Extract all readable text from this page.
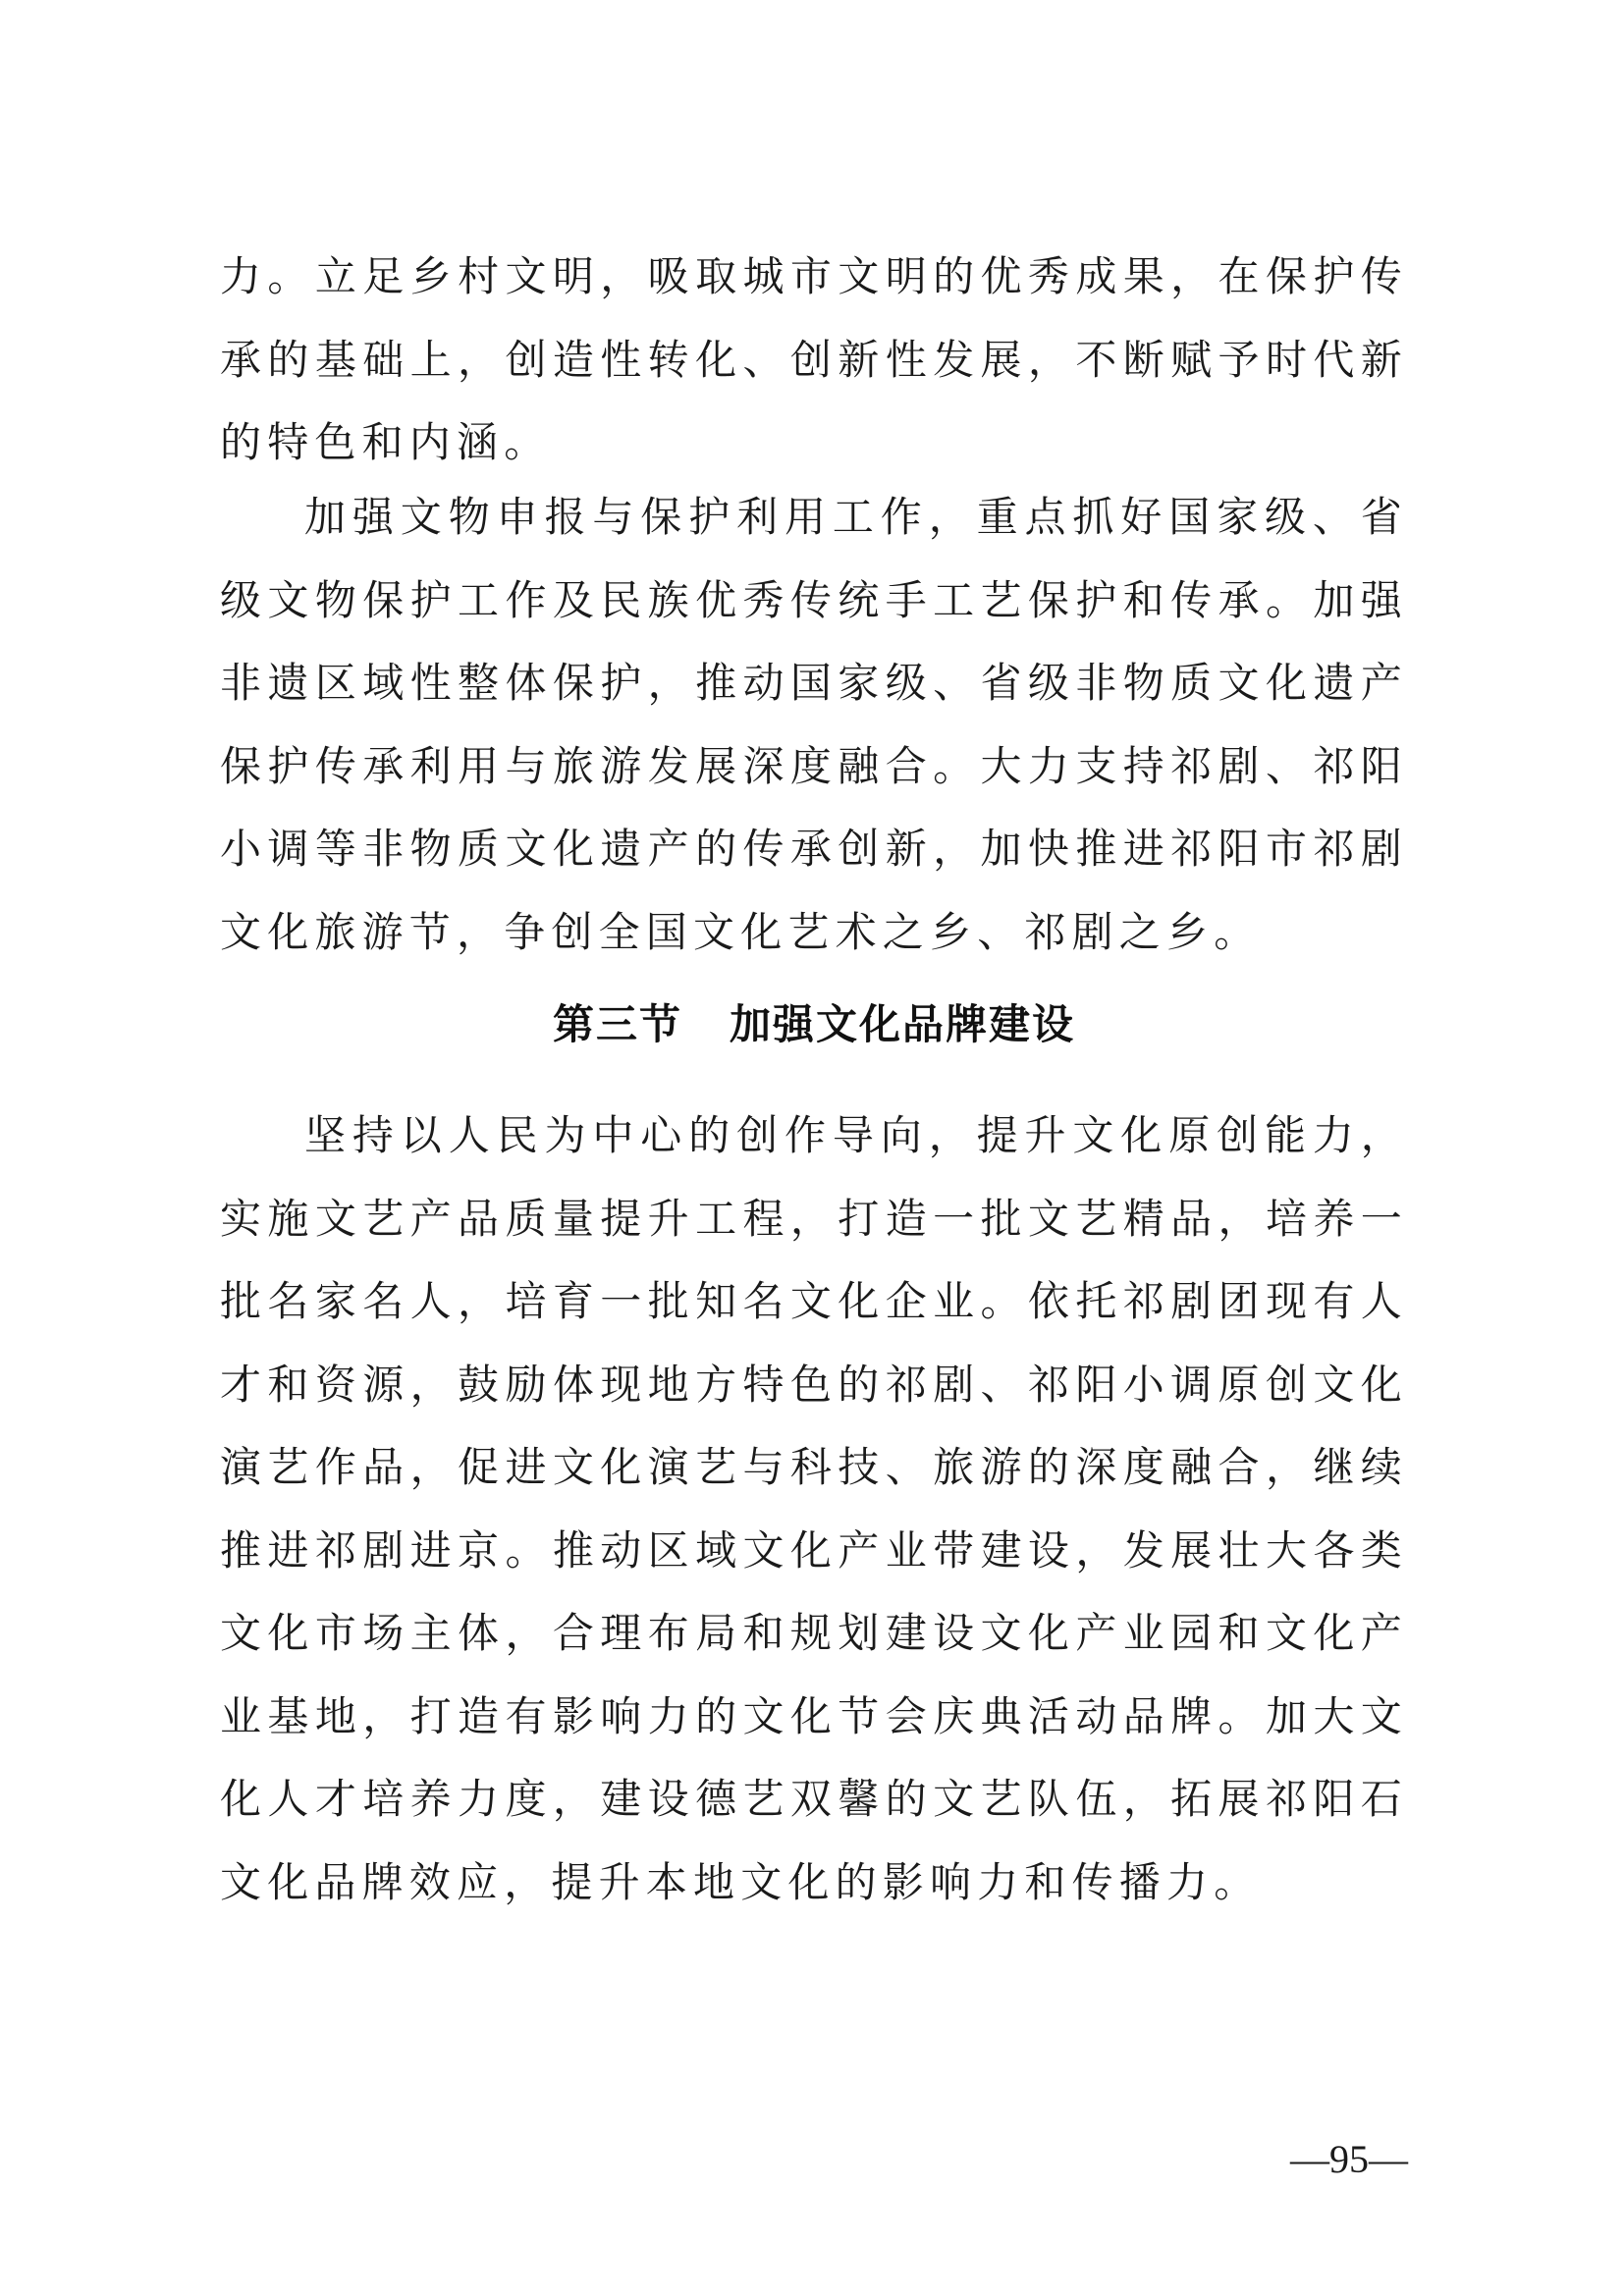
力。立足乡村文明，吸取城市文明的优秀成果，在保护传承的基础上，创造性转化、创新性发展，不断赋予时代新的特色和内涵。

加强文物申报与保护利用工作，重点抓好国家级、省级文物保护工作及民族优秀传统手工艺保护和传承。加强非遗区域性整体保护，推动国家级、省级非物质文化遗产保护传承利用与旅游发展深度融合。大力支持祁剧、祁阳小调等非物质文化遗产的传承创新，加快推进祁阳市祁剧文化旅游节，争创全国文化艺术之乡、祁剧之乡。

第三节 加强文化品牌建设

坚持以人民为中心的创作导向，提升文化原创能力，实施文艺产品质量提升工程，打造一批文艺精品，培养一批名家名人，培育一批知名文化企业。依托祁剧团现有人才和资源，鼓励体现地方特色的祁剧、祁阳小调原创文化演艺作品，促进文化演艺与科技、旅游的深度融合，继续推进祁剧进京。推动区域文化产业带建设，发展壮大各类文化市场主体，合理布局和规划建设文化产业园和文化产业基地，打造有影响力的文化节会庆典活动品牌。加大文化人才培养力度，建设德艺双馨的文艺队伍，拓展祁阳石文化品牌效应，提升本地文化的影响力和传播力。

—95—
